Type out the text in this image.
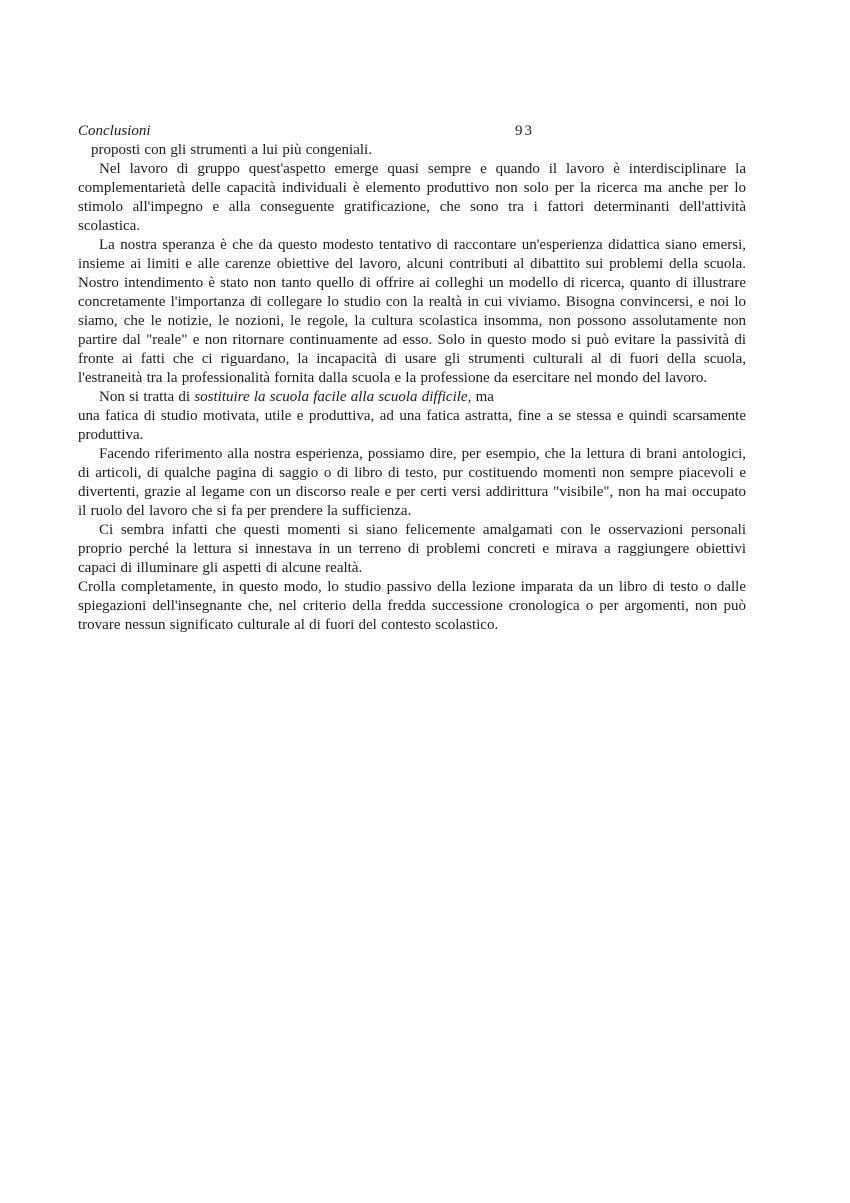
Conclusioni	93

proposti con gli strumenti a lui più congeniali.

Nel lavoro di gruppo quest'aspetto emerge quasi sempre e quando il lavoro è interdisciplinare la complementarietà delle capacità individuali è elemento produttivo non solo per la ricerca ma anche per lo stimolo all'impegno e alla conseguente gratificazione, che sono tra i fattori determinanti dell'attività scolastica.

La nostra speranza è che da questo modesto tentativo di raccontare un'esperienza didattica siano emersi, insieme ai limiti e alle carenze obiettive del lavoro, alcuni contributi al dibattito sui problemi della scuola. Nostro intendimento è stato non tanto quello di offrire ai colleghi un modello di ricerca, quanto di illustrare concretamente l'importanza di collegare lo studio con la realtà in cui viviamo. Bisogna convincersi, e noi lo siamo, che le notizie, le nozioni, le regole, la cultura scolastica insomma, non possono assolutamente non partire dal "reale" e non ritornare continuamente ad esso. Solo in questo modo si può evitare la passività di fronte ai fatti che ci riguardano, la incapacità di usare gli strumenti culturali al di fuori della scuola, l'estraneità tra la professionalità fornita dalla scuola e la professione da esercitare nel mondo del lavoro.

Non si tratta di sostituire la scuola facile alla scuola difficile, ma

una fatica di studio motivata, utile e produttiva, ad una fatica astratta, fine a se stessa e quindi scarsamente produttiva.

Facendo riferimento alla nostra esperienza, possiamo dire, per esempio, che la lettura di brani antologici, di articoli, di qualche pagina di saggio o di libro di testo, pur costituendo momenti non sempre piacevoli e divertenti, grazie al legame con un discorso reale e per certi versi addirittura "visibile", non ha mai occupato il ruolo del lavoro che si fa per prendere la sufficienza.

Ci sembra infatti che questi momenti si siano felicemente amalgamati con le osservazioni personali proprio perché la lettura si innestava in un terreno di problemi concreti e mirava a raggiungere obiettivi capaci di illuminare gli aspetti di alcune realtà.

Crolla completamente, in questo modo, lo studio passivo della lezione imparata da un libro di testo o dalle spiegazioni dell'insegnante che, nel criterio della fredda successione cronologica o per argomenti, non può trovare nessun significato culturale al di fuori del contesto scolastico.
